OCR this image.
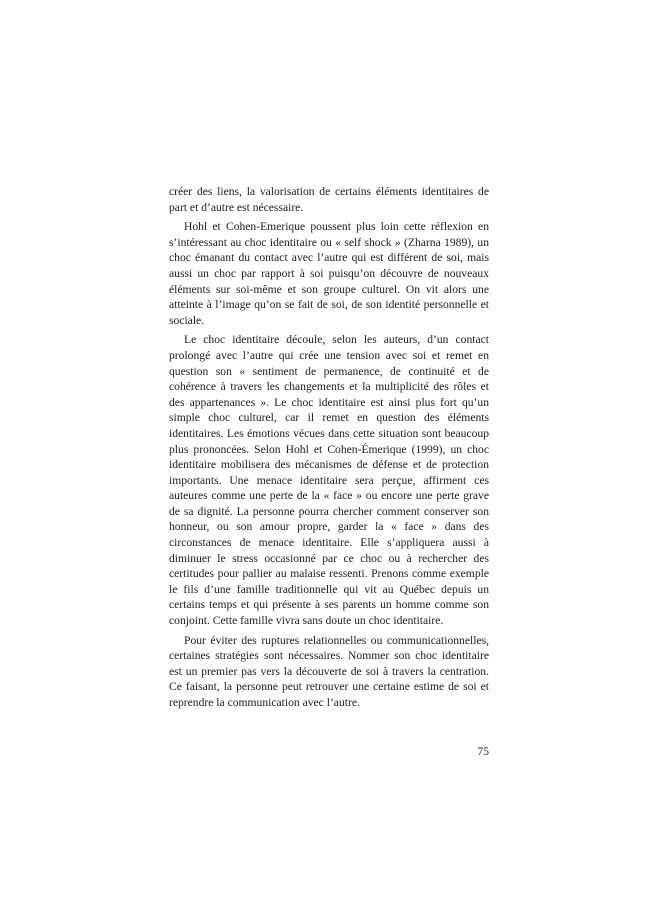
créer des liens, la valorisation de certains éléments identitaires de part et d’autre est nécessaire.

Hohl et Cohen-Emerique poussent plus loin cette réflexion en s’intéressant au choc identitaire ou « self shock » (Zharna 1989), un choc émanant du contact avec l’autre qui est différent de soi, mais aussi un choc par rapport à soi puisqu’on découvre de nouveaux éléments sur soi-même et son groupe culturel. On vit alors une atteinte à l’image qu’on se fait de soi, de son identité personnelle et sociale.

Le choc identitaire découle, selon les auteurs, d’un contact prolongé avec l’autre qui crée une tension avec soi et remet en question son « sentiment de permanence, de continuité et de cohérence à travers les changements et la multiplicité des rôles et des appartenances ». Le choc identitaire est ainsi plus fort qu’un simple choc culturel, car il remet en question des éléments identitaires. Les émotions vécues dans cette situation sont beaucoup plus prononcées. Selon Hohl et Cohen-Émerique (1999), un choc identitaire mobilisera des mécanismes de défense et de protection importants. Une menace identitaire sera perçue, affirment ces auteures comme une perte de la « face » ou encore une perte grave de sa dignité. La personne pourra chercher comment conserver son honneur, ou son amour propre, garder la « face » dans des circonstances de menace identitaire. Elle s’appliquera aussi à diminuer le stress occasionné par ce choc ou à rechercher des certitudes pour pallier au malaise ressenti. Prenons comme exemple le fils d’une famille traditionnelle qui vit au Québec depuis un certains temps et qui présente à ses parents un homme comme son conjoint. Cette famille vivra sans doute un choc identitaire.

Pour éviter des ruptures relationnelles ou communicationnelles, certaines stratégies sont nécessaires. Nommer son choc identitaire est un premier pas vers la découverte de soi à travers la centration. Ce faisant, la personne peut retrouver une certaine estime de soi et reprendre la communication avec l’autre.

75
